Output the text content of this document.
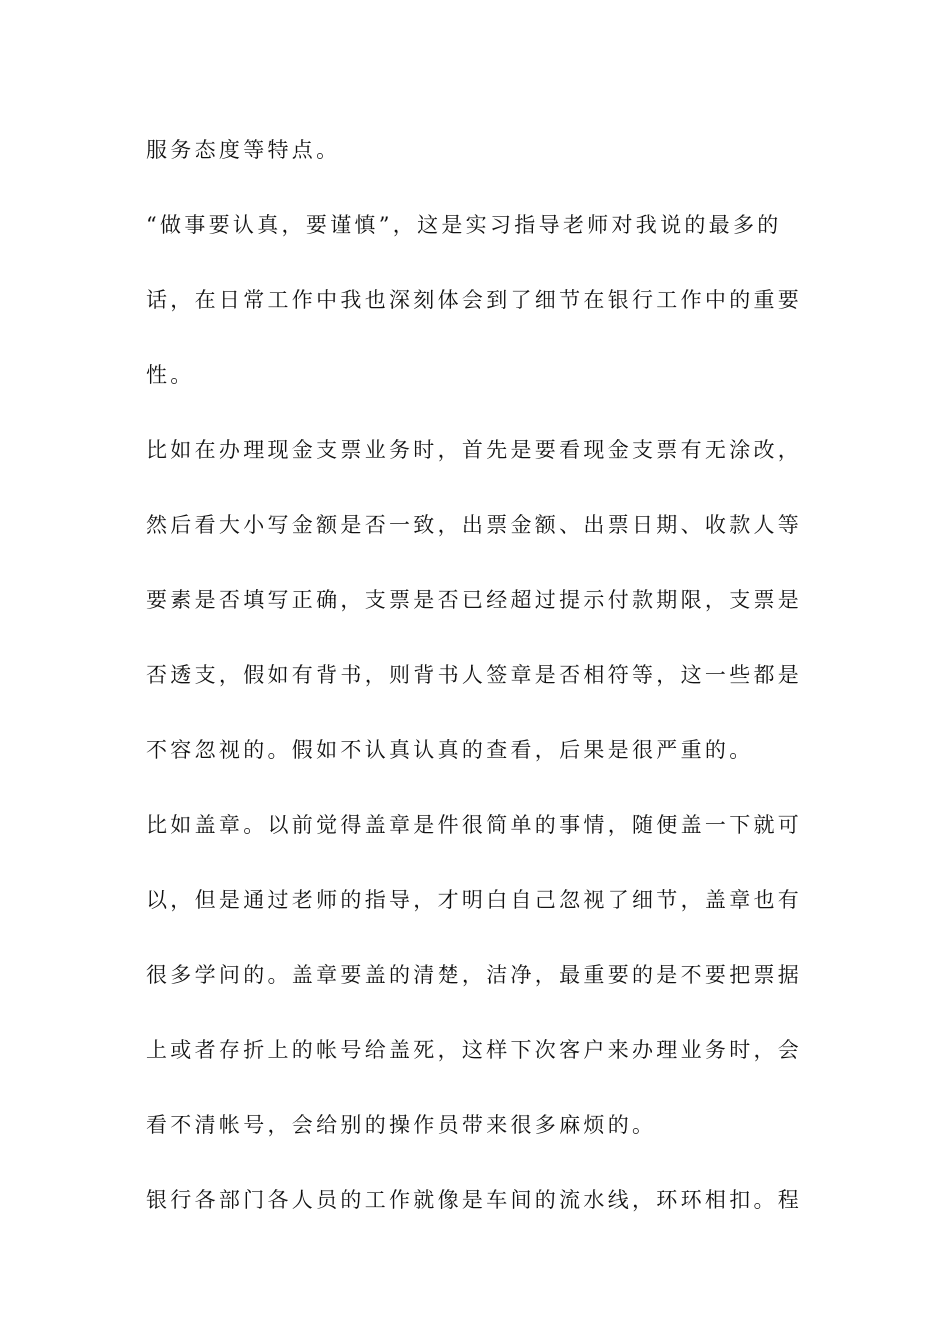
服务态度等特点。

“做事要认真，要谨慎”，这是实习指导老师对我说的最多的

话，在日常工作中我也深刻体会到了细节在银行工作中的重要

性。

比如在办理现金支票业务时，首先是要看现金支票有无涂改，

然后看大小写金额是否一致，出票金额、出票日期、收款人等

要素是否填写正确，支票是否已经超过提示付款期限，支票是

否透支，假如有背书，则背书人签章是否相符等，这一些都是

不容忽视的。假如不认真认真的查看，后果是很严重的。

比如盖章。以前觉得盖章是件很简单的事情，随便盖一下就可

以，但是通过老师的指导，才明白自己忽视了细节，盖章也有

很多学问的。盖章要盖的清楚，洁净，最重要的是不要把票据

上或者存折上的帐号给盖死，这样下次客户来办理业务时，会

看不清帐号，会给别的操作员带来很多麻烦的。

银行各部门各人员的工作就像是车间的流水线，环环相扣。程
